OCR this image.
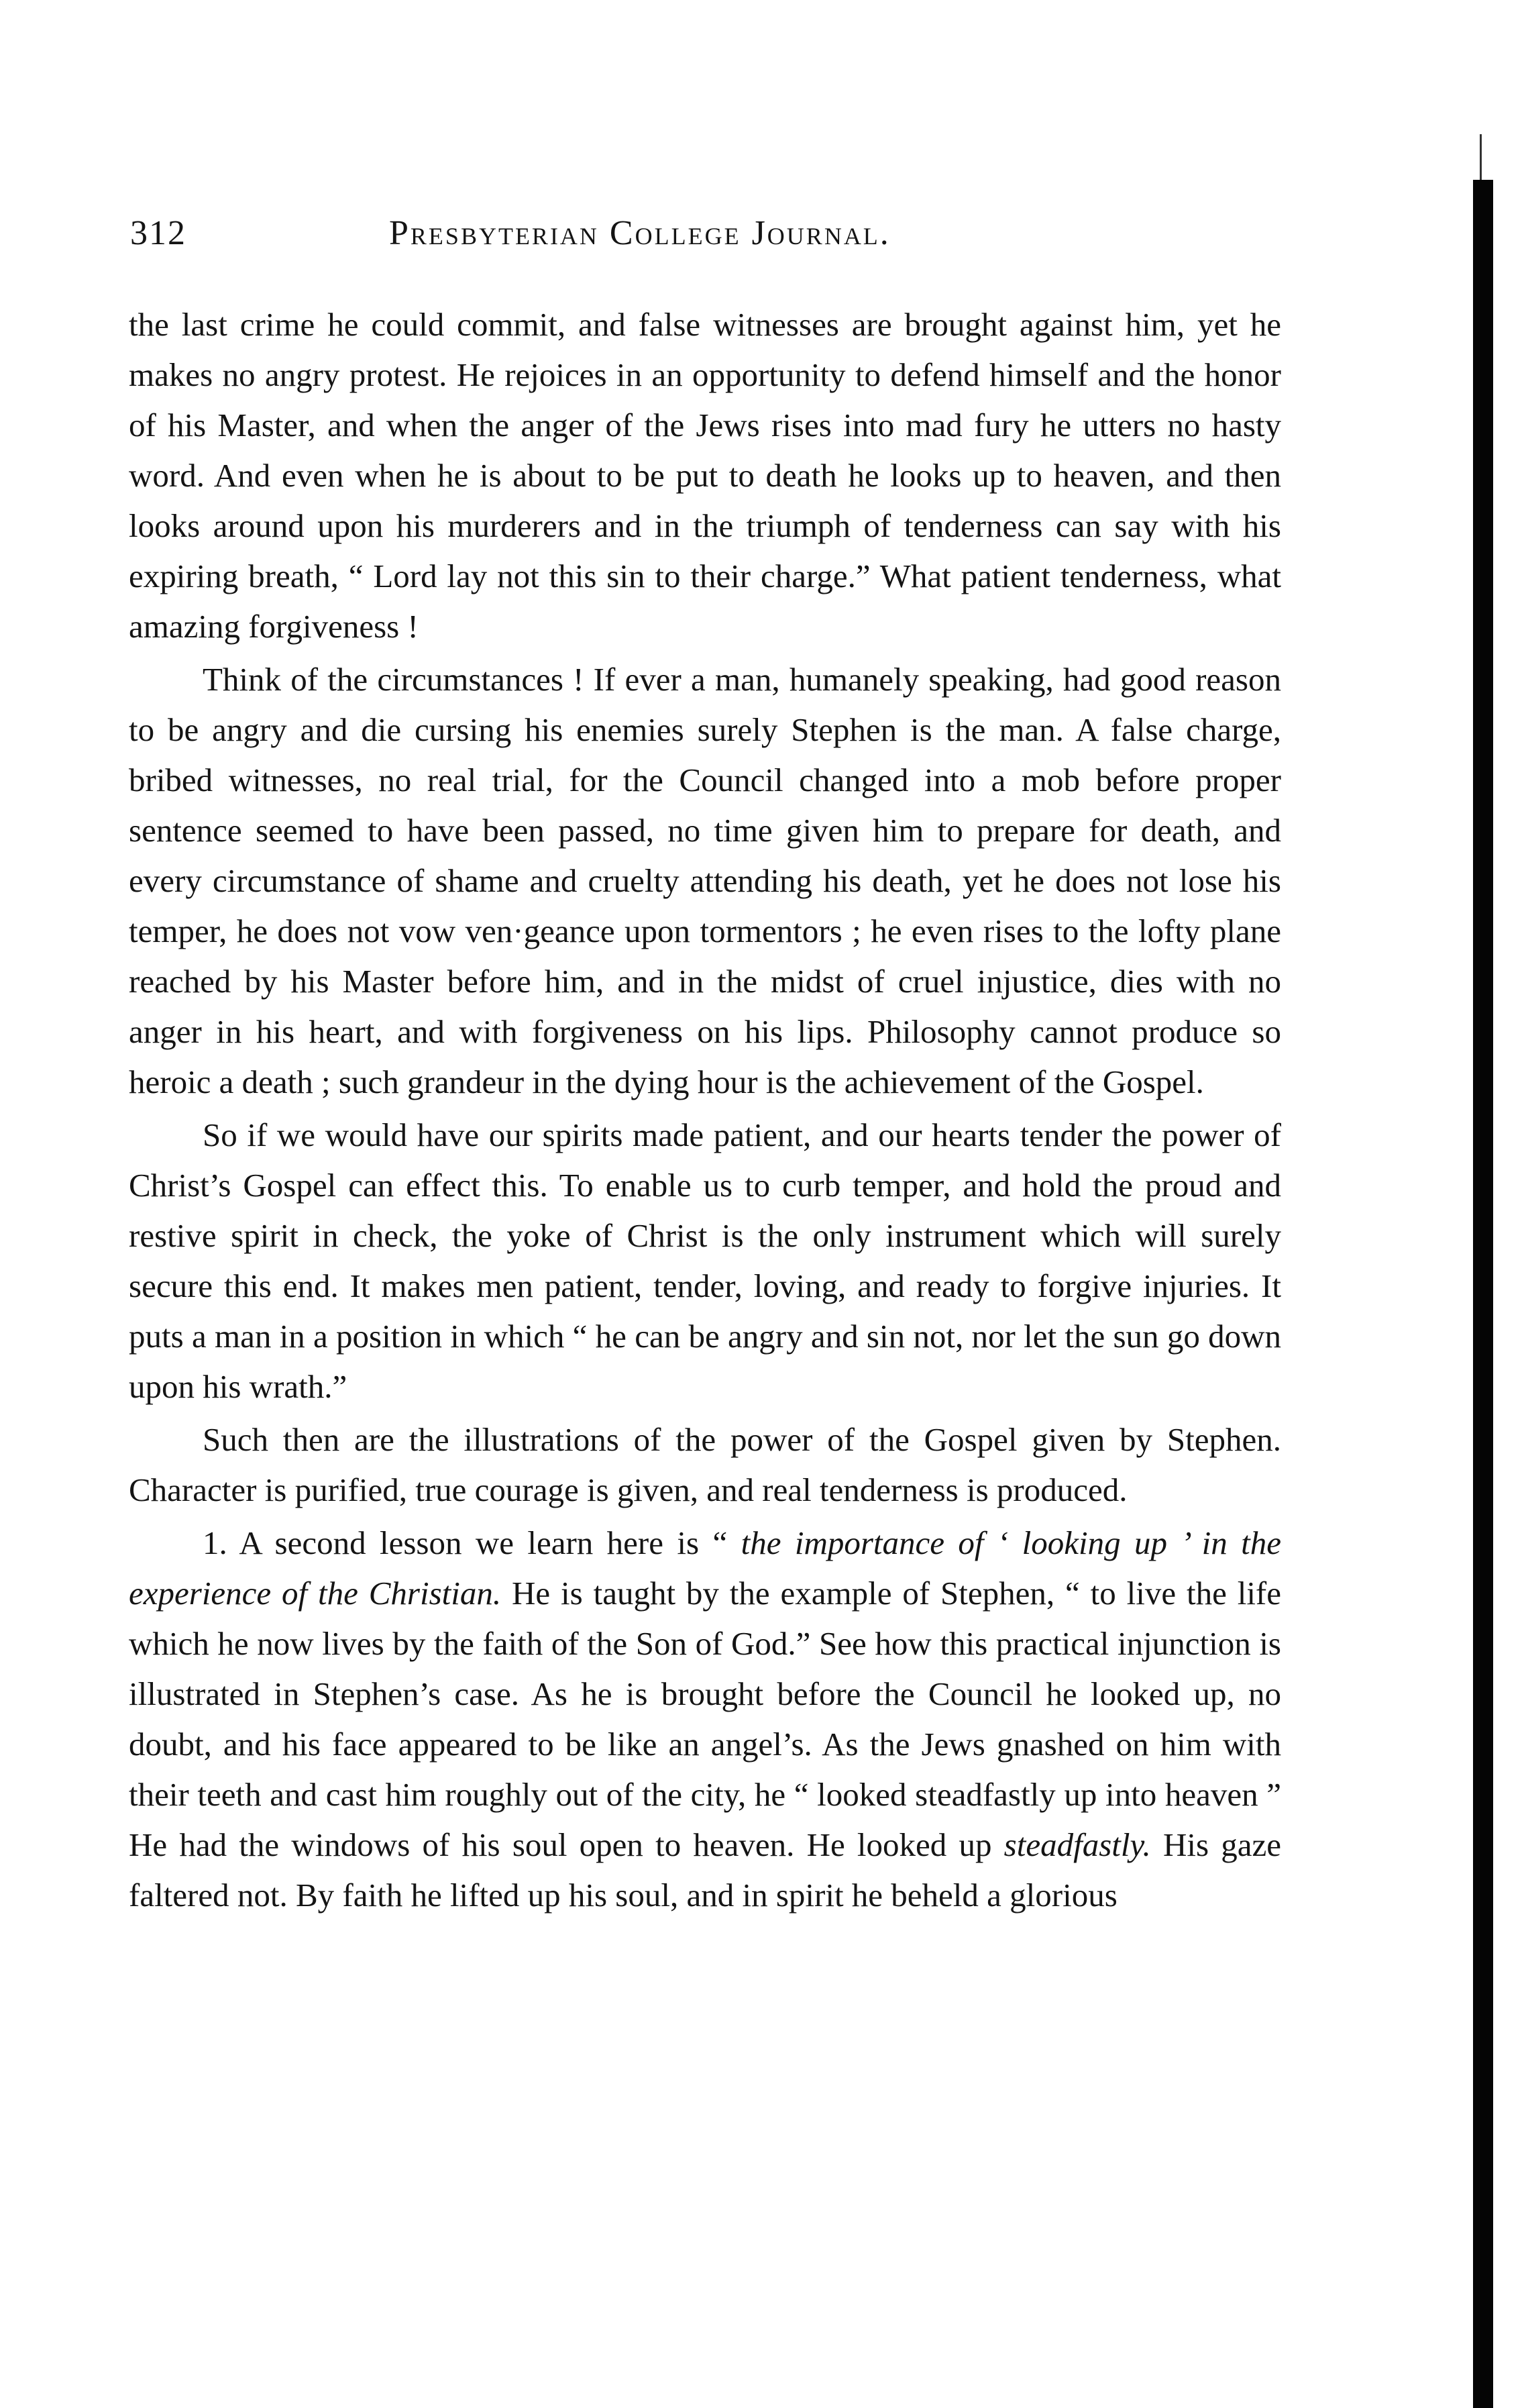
312	Presbyterian College Journal.

the last crime he could commit, and false witnesses are brought against him, yet he makes no angry protest. He rejoices in an opportunity to defend himself and the honor of his Master, and when the anger of the Jews rises into mad fury he utters no hasty word. And even when he is about to be put to death he looks up to heaven, and then looks around upon his murderers and in the triumph of tenderness can say with his expiring breath, “ Lord lay not this sin to their charge.” What patient tenderness, what amazing forgiveness !

Think of the circumstances ! If ever a man, humanely speaking, had good reason to be angry and die cursing his enemies surely Stephen is the man. A false charge, bribed witnesses, no real trial, for the Council changed into a mob before proper sentence seemed to have been passed, no time given him to prepare for death, and every circumstance of shame and cruelty attending his death, yet he does not lose his temper, he does not vow ven·geance upon tormentors ; he even rises to the lofty plane reached by his Master before him, and in the midst of cruel injustice, dies with no anger in his heart, and with forgiveness on his lips. Philosophy cannot produce so heroic a death ; such grandeur in the dying hour is the achievement of the Gospel.

So if we would have our spirits made patient, and our hearts tender the power of Christ’s Gospel can effect this. To enable us to curb temper, and hold the proud and restive spirit in check, the yoke of Christ is the only instrument which will surely secure this end. It makes men patient, tender, loving, and ready to forgive injuries. It puts a man in a position in which “ he can be angry and sin not, nor let the sun go down upon his wrath.”

Such then are the illustrations of the power of the Gospel given by Stephen. Character is purified, true courage is given, and real tenderness is produced.

1. A second lesson we learn here is “ the importance of ‘ looking up ’ in the experience of the Christian. He is taught by the example of Stephen, “ to live the life which he now lives by the faith of the Son of God.” See how this practical injunction is illustrated in Stephen’s case. As he is brought before the Council he looked up, no doubt, and his face appeared to be like an angel’s. As the Jews gnashed on him with their teeth and cast him roughly out of the city, he “ looked steadfastly up into heaven ” He had the windows of his soul open to heaven. He looked up steadfastly. His gaze faltered not. By faith he lifted up his soul, and in spirit he beheld a glorious
